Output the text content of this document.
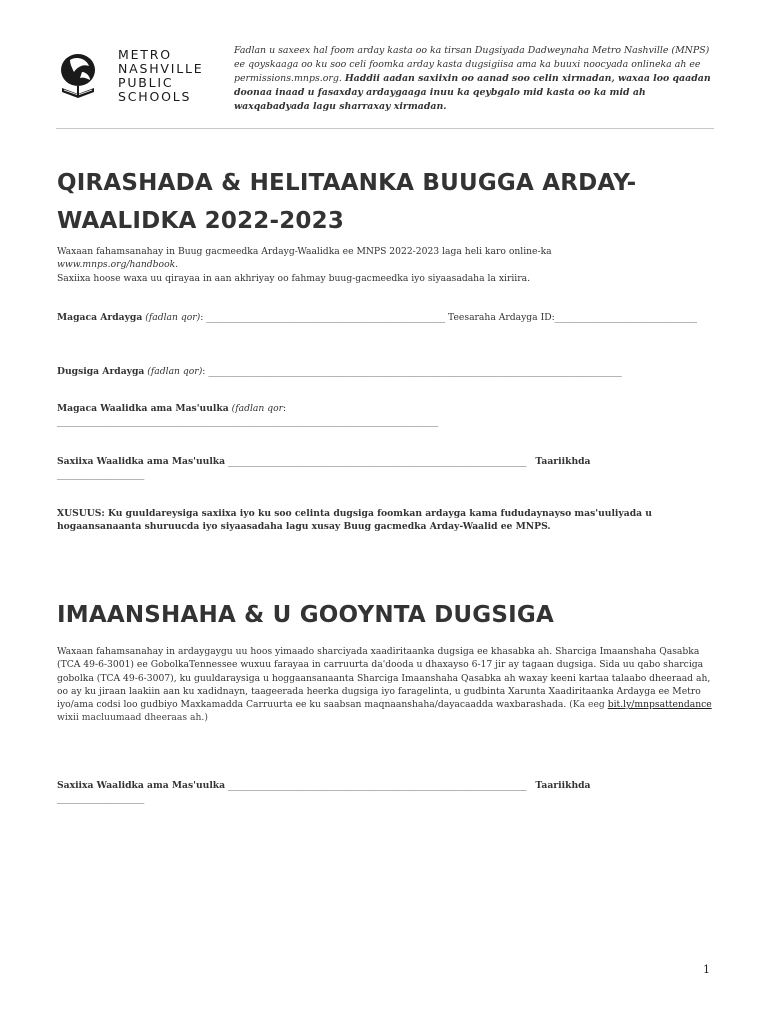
METRO
NASHVILLE
PUBLIC
SCHOOLS
Fadlan u saxeex hal foom arday kasta oo ka tirsan Dugsiyada Dadweynaha Metro Nashville (MNPS) ee qoyskaaga oo ku soo celi foomka arday kasta dugsigiisa ama ka buuxi noocyada onlineka ah ee permissions.mnps.org. Haddii aadan saxiixin oo aanad soo celin xirmadan, waxaa loo qaadan doonaa inaad u fasaxday ardaygaaga inuu ka qeybgalo mid kasta oo ka mid ah waxqabadyada lagu sharraxay xirmadan.
QIRASHADA & HELITAANKA BUUGGA ARDAY-WAALIDKA 2022-2023
Waxaan fahamsanahay in Buug gacmeedka Ardayg-Waalidka ee MNPS 2022-2023 laga heli karo online-ka
www.mnps.org/handbook.
Saxiixa hoose waxa uu qirayaa in aan akhriyay oo fahmay buug-gacmeedka iyo siyaasadaha la xiriira.
Magaca Ardayga (fadlan qor): ____________________________________________________ Teesaraha Ardayga ID:_______________________________
Dugsiga Ardayga (fadlan qor): __________________________________________________________________________________________
Magaca Waalidka ama Mas'uulka (fadlan qor:
___________________________________________________________________________________
Saxiixa Waalidka ama Mas'uulka _________________________________________________________________ Taariikhda
___________________
XUSUUS: Ku guuldareysiga saxiixa iyo ku soo celinta dugsiga foomkan ardayga kama fududaynayso mas'uuliyada u hogaansanaanta shuruucda iyo siyaasadaha lagu xusay Buug gacmedka Arday-Waalid ee MNPS.
IMAANSHAHA & U GOOYNTA DUGSIGA
Waxaan fahamsanahay in ardaygaygu uu hoos yimaado sharciyada xaadiritaanka dugsiga ee khasabka ah. Sharciga Imaanshaha Qasabka (TCA 49-6-3001) ee GobolkaTennessee wuxuu farayaa in carruurta da'dooda u dhaxayso 6-17 jir ay tagaan dugsiga. Sida uu qabo sharciga gobolka (TCA 49-6-3007), ku guuldaraysiga u hoggaansanaanta Sharciga Imaanshaha Qasabka ah waxay keeni kartaa talaabo dheeraad ah, oo ay ku jiraan laakiin aan ku xadidnayn, taageerada heerka dugsiga iyo faragelinta, u gudbinta Xarunta Xaadiritaanka Ardayga ee Metro iyo/ama codsi loo gudbiyo Maxkamadda Carruurta ee ku saabsan maqnaanshaha/dayacaadda waxbarashada. (Ka eeg bit.ly/mnpsattendance wixii macluumaad dheeraas ah.)
Saxiixa Waalidka ama Mas'uulka _________________________________________________________________ Taariikhda
___________________
1
